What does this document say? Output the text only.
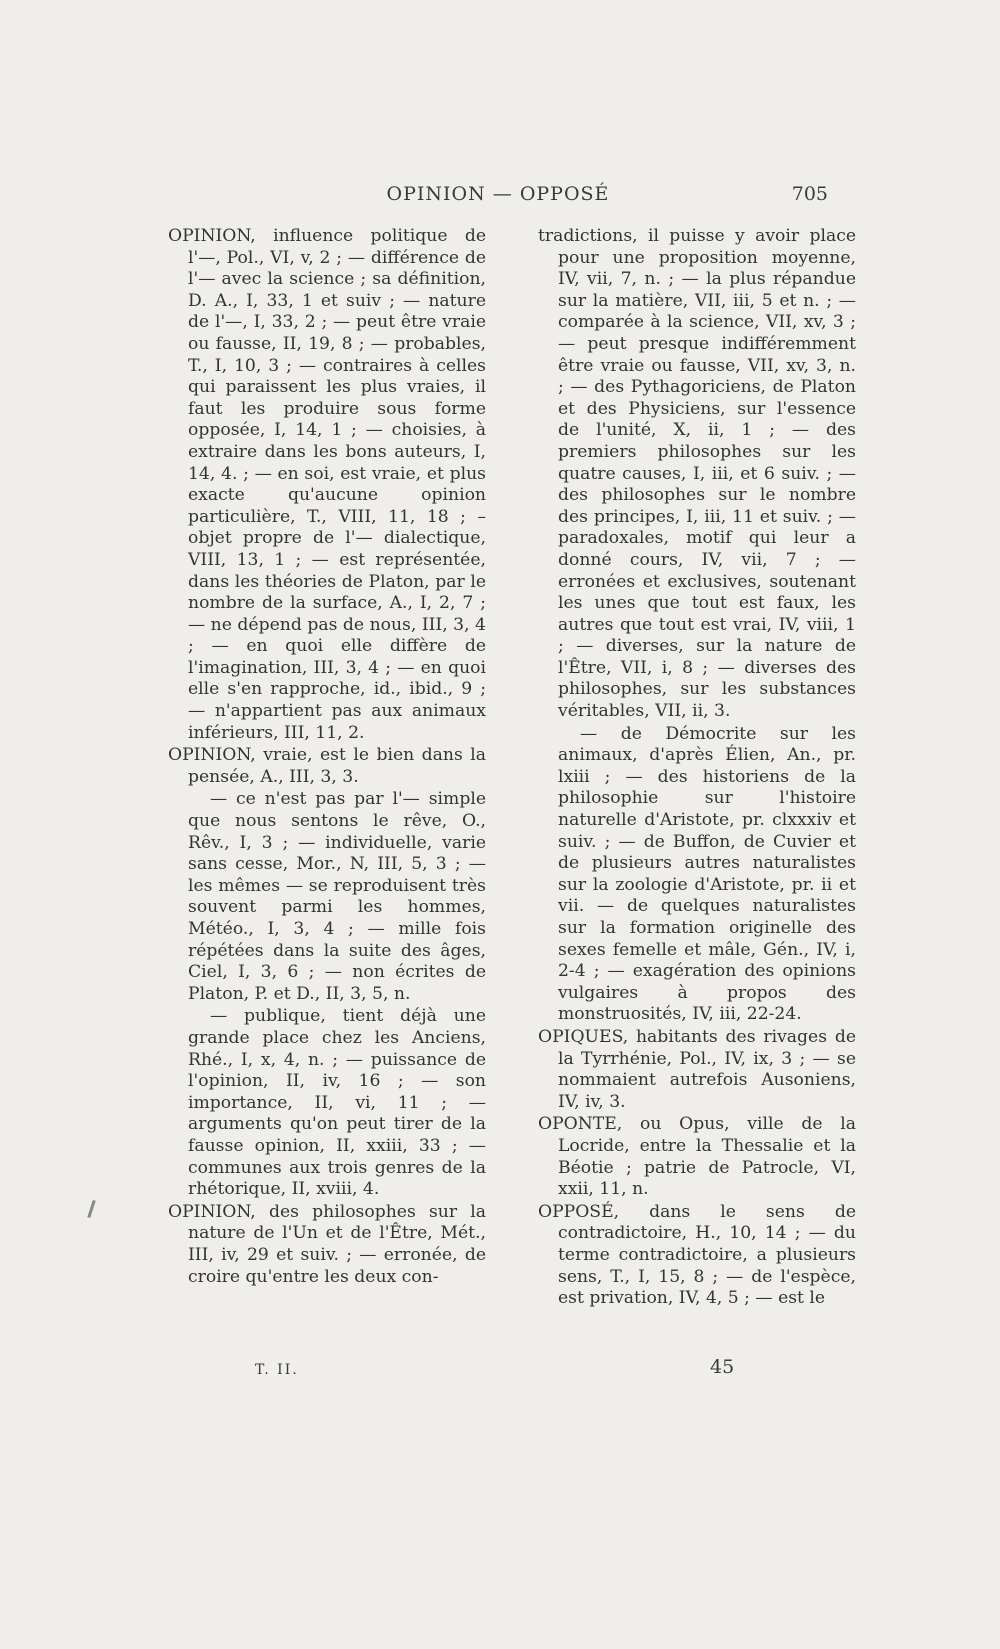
OPINION — OPPOSÉ	705

OPINION, influence politique de l'—, Pol., VI, v, 2 ; — différence de l'— avec la science ; sa définition, D. A., I, 33, 1 et suiv ; — nature de l'—, I, 33, 2 ; — peut être vraie ou fausse, II, 19, 8 ; — probables, T., I, 10, 3 ; — contraires à celles qui paraissent les plus vraies, il faut les produire sous forme opposée, I, 14, 1 ; — choisies, à extraire dans les bons auteurs, I, 14, 4. ; — en soi, est vraie, et plus exacte qu'aucune opinion particulière, T., VIII, 11, 18 ; – objet propre de l'— dialectique, VIII, 13, 1 ; — est représentée, dans les théories de Platon, par le nombre de la surface, A., I, 2, 7 ; — ne dépend pas de nous, III, 3, 4 ; — en quoi elle diffère de l'imagination, III, 3, 4 ; — en quoi elle s'en rapproche, id., ibid., 9 ; — n'appartient pas aux animaux inférieurs, III, 11, 2.

OPINION, vraie, est le bien dans la pensée, A., III, 3, 3.

— ce n'est pas par l'— simple que nous sentons le rêve, O., Rêv., I, 3 ; — individuelle, varie sans cesse, Mor., N, III, 5, 3 ; — les mêmes — se reproduisent très souvent parmi les hommes, Météo., I, 3, 4 ; — mille fois répétées dans la suite des âges, Ciel, I, 3, 6 ; — non écrites de Platon, P. et D., II, 3, 5, n.

— publique, tient déjà une grande place chez les Anciens, Rhé., I, x, 4, n. ; — puissance de l'opinion, II, iv, 16 ; — son importance, II, vi, 11 ; — arguments qu'on peut tirer de la fausse opinion, II, xxiii, 33 ; — communes aux trois genres de la rhétorique, II, xviii, 4.

OPINION, des philosophes sur la nature de l'Un et de l'Être, Mét., III, iv, 29 et suiv. ; — erronée, de croire qu'entre les deux con-

tradictions, il puisse y avoir place pour une proposition moyenne, IV, vii, 7, n. ; — la plus répandue sur la matière, VII, iii, 5 et n. ; — comparée à la science, VII, xv, 3 ; — peut presque indifféremment être vraie ou fausse, VII, xv, 3, n. ; — des Pythagoriciens, de Platon et des Physiciens, sur l'essence de l'unité, X, ii, 1 ; — des premiers philosophes sur les quatre causes, I, iii, et 6 suiv. ; — des philosophes sur le nombre des principes, I, iii, 11 et suiv. ; — paradoxales, motif qui leur a donné cours, IV, vii, 7 ; — erronées et exclusives, soutenant les unes que tout est faux, les autres que tout est vrai, IV, viii, 1 ; — diverses, sur la nature de l'Être, VII, i, 8 ; — diverses des philosophes, sur les substances véritables, VII, ii, 3.

— de Démocrite sur les animaux, d'après Élien, An., pr. lxiii ; — des historiens de la philosophie sur l'histoire naturelle d'Aristote, pr. clxxxiv et suiv. ; — de Buffon, de Cuvier et de plusieurs autres naturalistes sur la zoologie d'Aristote, pr. ii et vii. — de quelques naturalistes sur la formation originelle des sexes femelle et mâle, Gén., IV, i, 2-4 ; — exagération des opinions vulgaires à propos des monstruosités, IV, iii, 22-24.

OPIQUES, habitants des rivages de la Tyrrhénie, Pol., IV, ix, 3 ; — se nommaient autrefois Ausoniens, IV, iv, 3.

OPONTE, ou Opus, ville de la Locride, entre la Thessalie et la Béotie ; patrie de Patrocle, VI, xxii, 11, n.

OPPOSÉ, dans le sens de contradictoire, H., 10, 14 ; — du terme contradictoire, a plusieurs sens, T., I, 15, 8 ; — de l'espèce, est privation, IV, 4, 5 ; — est le

T. II.	45
